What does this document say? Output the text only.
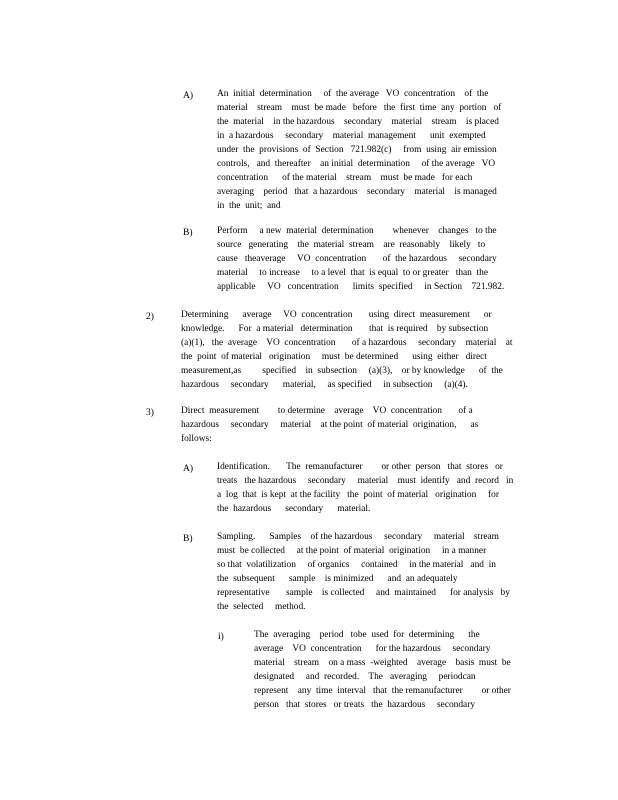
A)	An  initial  determination     of  the average   VO  concentration    of  the
material    stream    must  be made   before   the  first  time  any  portion   of
the  material    in the hazardous    secondary    material    stream    is placed
in  a hazardous     secondary    material  management      unit  exempted
under  the  provisions  of  Section   721.982(c)     from  using  air emission
controls,   and  thereafter    an initial  determination     of the average   VO
concentration      of the material    stream    must  be made   for each
averaging    period   that  a hazardous    secondary    material    is managed
in  the  unit;  and
B)	Perform     a new  material  determination        whenever    changes   to the
source   generating    the  material  stream    are  reasonably    likely   to
cause   theaverage     VO  concentration       of  the hazardous     secondary
material     to increase     to a level  that  is equal  to or greater   than  the
applicable     VO   concentration      limits  specified     in Section    721.982.
2)	Determining      average     VO  concentration       using  direct  measurement      or
knowledge.      For  a material   determination       that  is required    by subsection
(a)(1),   the  average    VO  concentration       of a hazardous     secondary    material    at
the  point  of material   origination     must  be determined      using  either   direct
measurement,as         specified    in  subsection     (a)(3),    or by knowledge      of  the
hazardous     secondary      material,     as specified     in subsection     (a)(4).
3)	Direct  measurement        to determine    average    VO  concentration       of a
hazardous     secondary     material    at the point  of material  origination,      as
follows:
A)	Identification.       The  remanufacturer        or other  person   that  stores   or
treats   the hazardous     secondary     material    must  identify   and  record   in
a  log  that  is kept  at the facility   the  point  of material   origination     for
the  hazardous      secondary      material.
B)	Sampling.      Samples    of the hazardous     secondary     material    stream
must  be collected     at the point  of material  origination     in a manner
so that  volatilization     of organics     contained     in the material   and  in
the  subsequent      sample    is minimized      and  an adequately
representative       sample    is collected     and  maintained      for analysis   by
the  selected     method.
i)	The  averaging    period   tobe  used  for  determining      the
average    VO  concentration      for the hazardous     secondary
material    stream    on a mass  -weighted    average    basis  must  be
designated     and  recorded.    The   averaging     periodcan
represent    any  time  interval   that  the remanufacturer        or other
person   that  stores   or treats   the  hazardous     secondary
